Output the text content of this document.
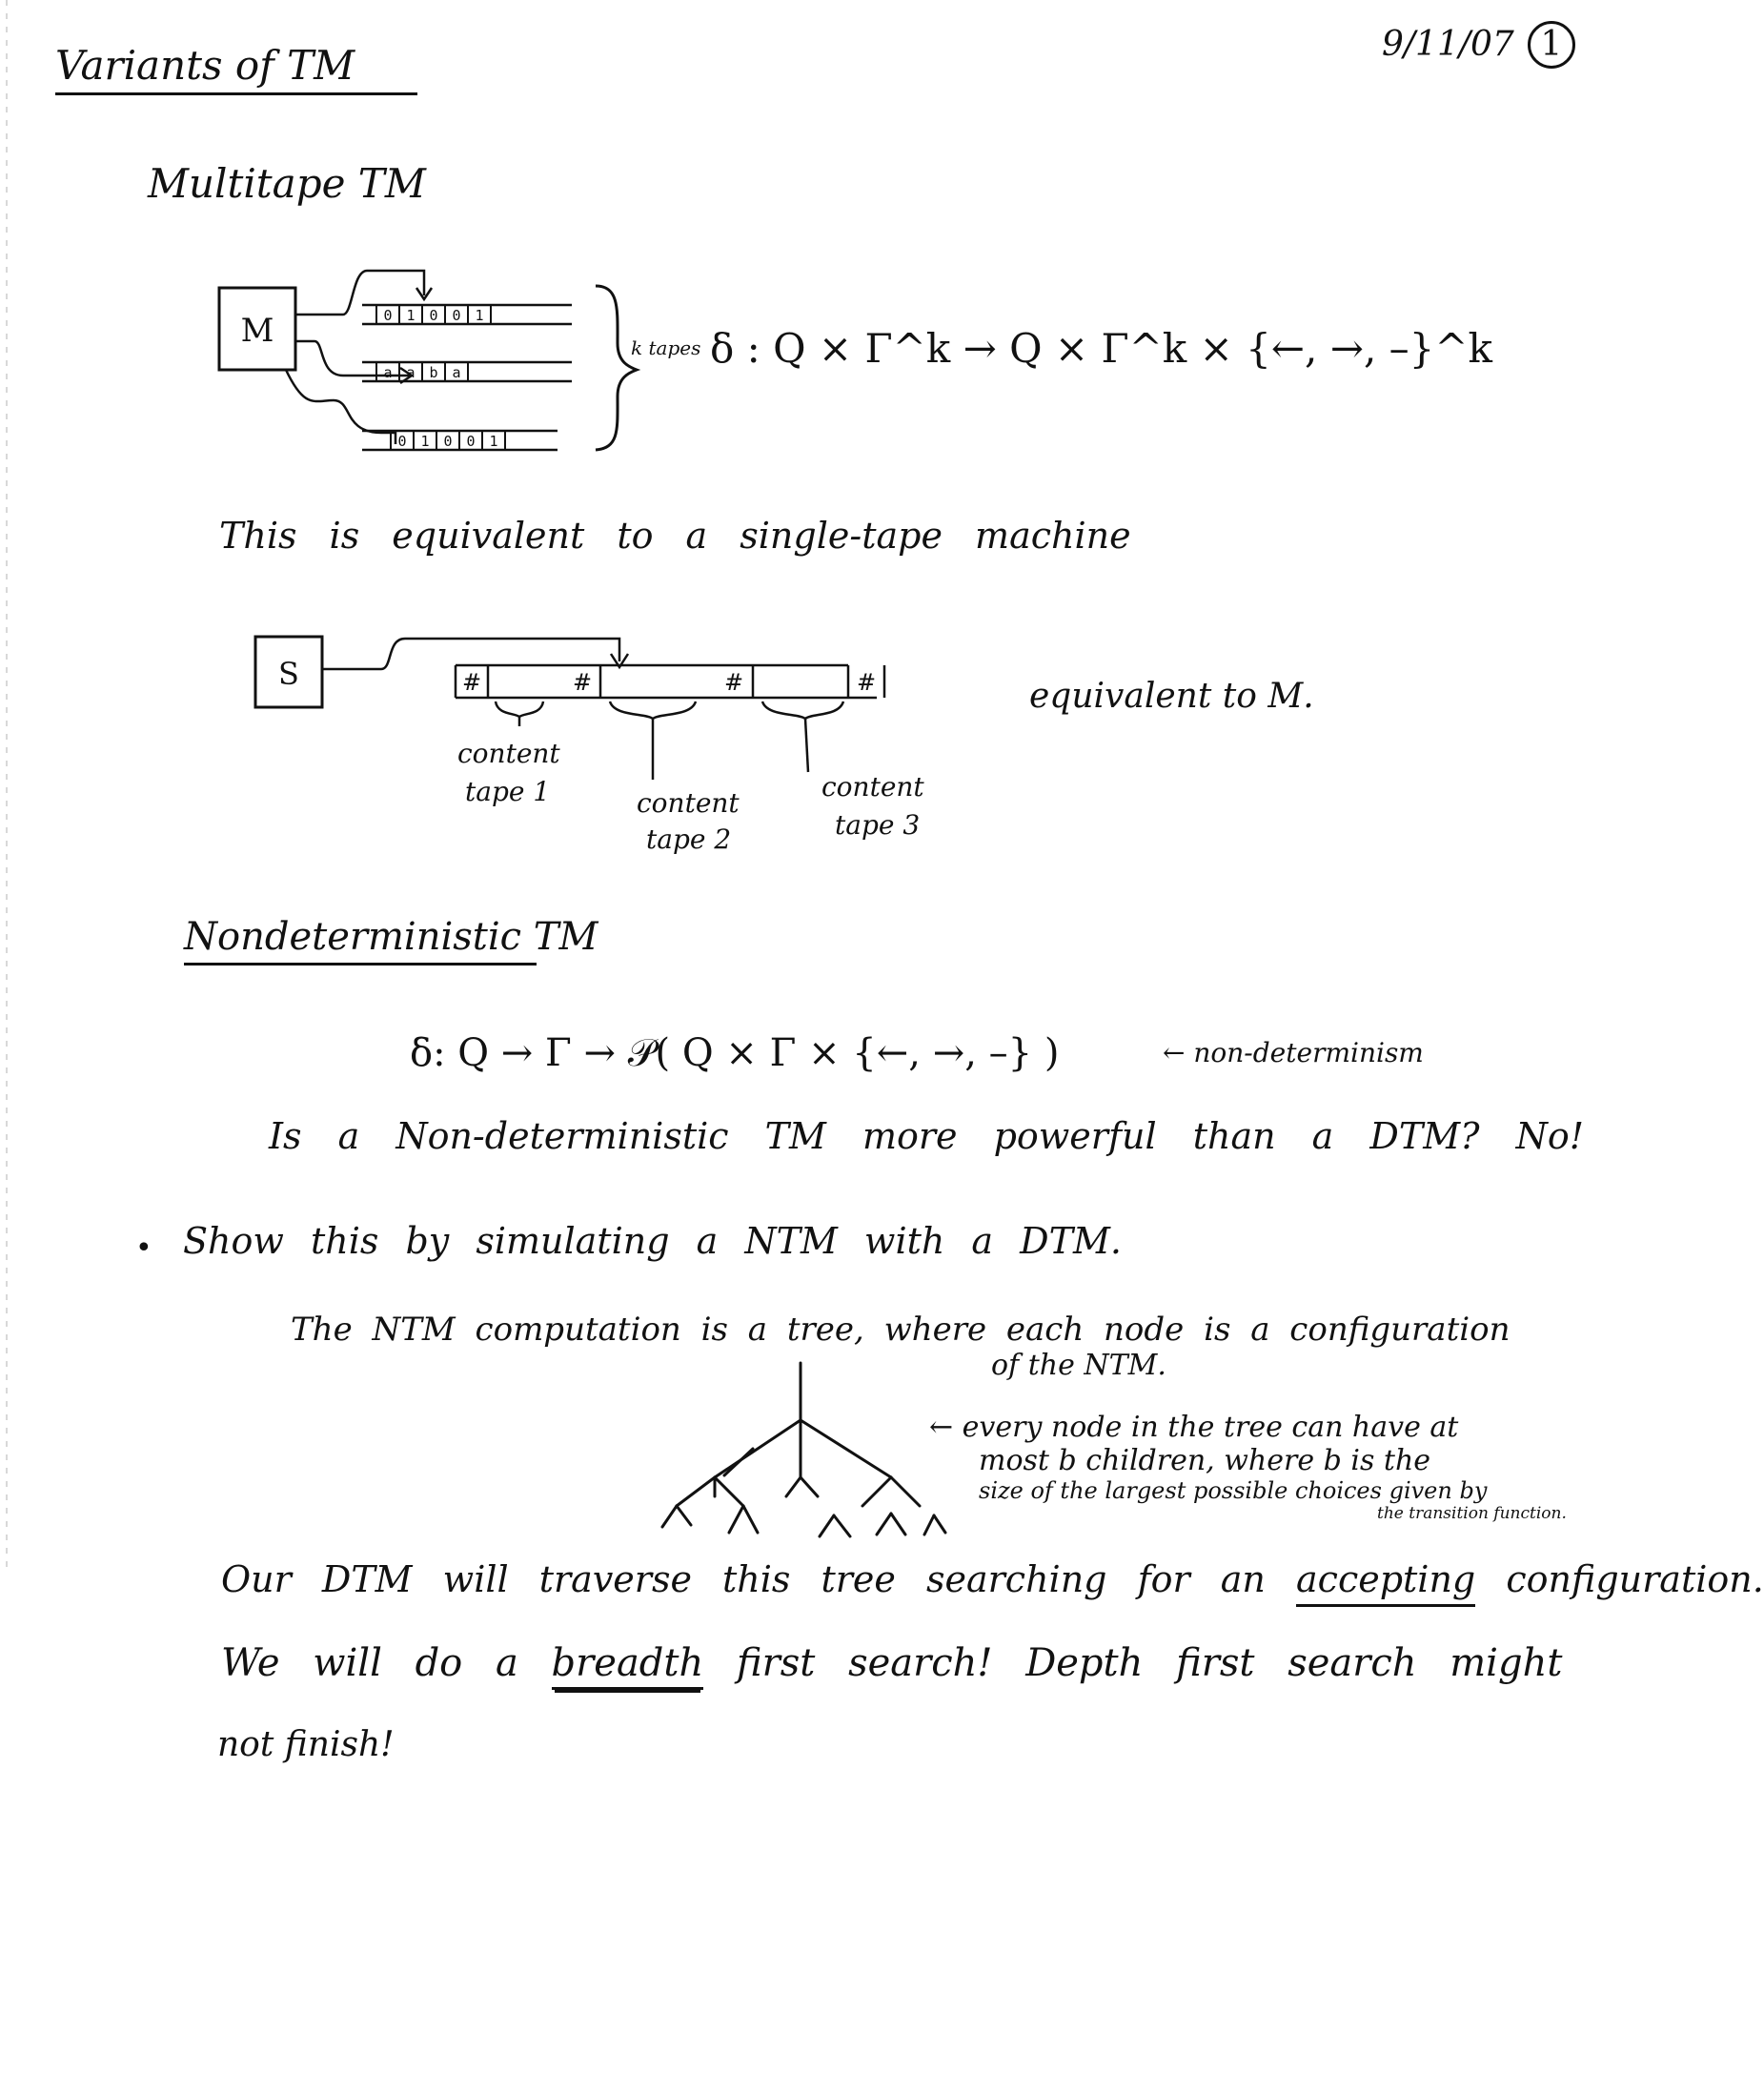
Variants of TM	9/11/07 1
Multitape TM
M	0 1 0 0 1
a a b a
0 1 0 0 1
k tapes δ : Q × Γ^k → Q × Γ^k × {←, →, –}^k
This is equivalent to a single-tape machine
S	#	#	#	#
content
tape 1	content
tape 2
content
tape 3
equivalent to M.
Nondeterministic TM
δ: Q → Γ → 𝒫( Q × Γ × {←, →, –} )	← non-determinism
Is a Non-deterministic TM more powerful than a DTM? No!
• Show this by simulating a NTM with a DTM.
The NTM computation is a tree, where each node is a configuration
of the NTM.
← every node in the tree can have at
most b children, where b is the
size of the largest possible choices given by
the transition function.
Our DTM will traverse this tree searching for an accepting configuration.
We will do a breadth first search! Depth first search might
not finish!
